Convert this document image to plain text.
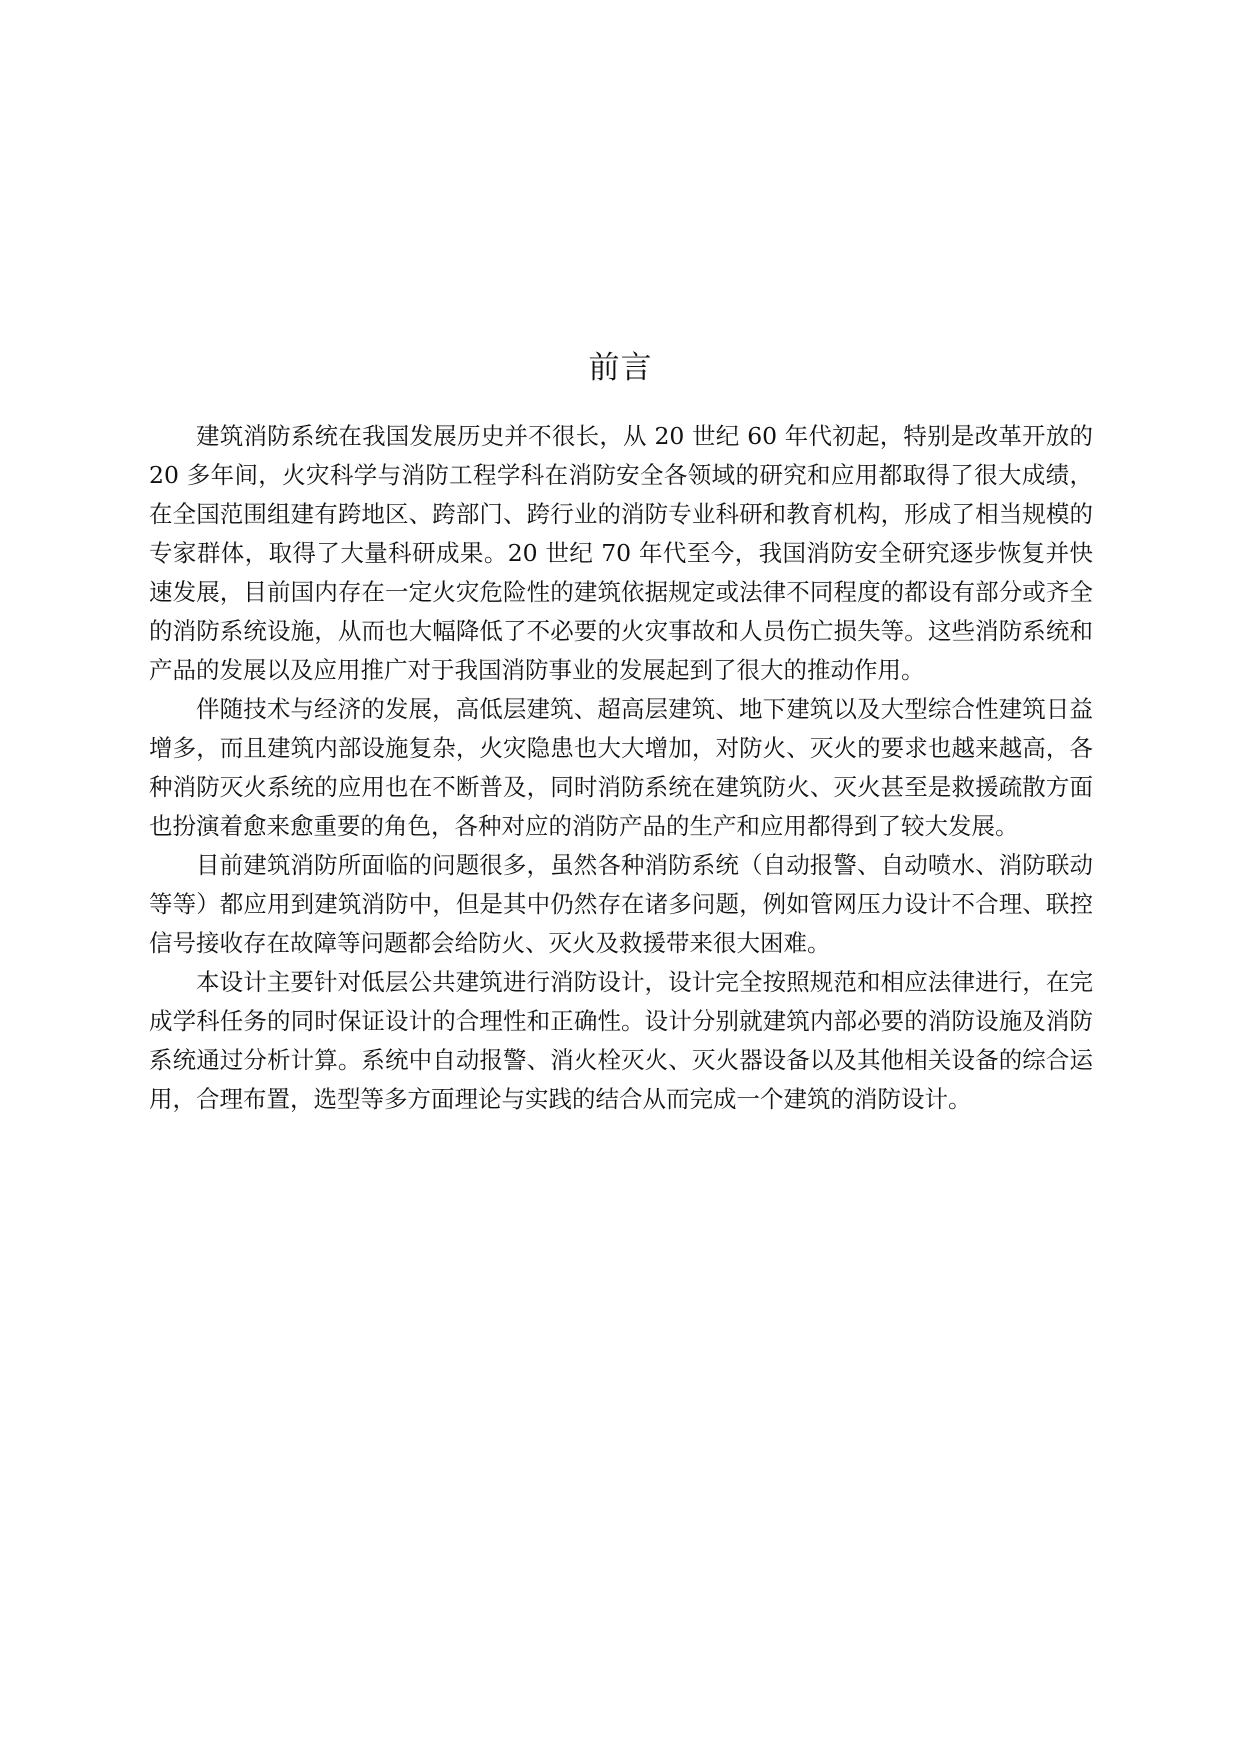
前言

建筑消防系统在我国发展历史并不很长，从 20 世纪 60 年代初起，特别是改革开放的 20 多年间，火灾科学与消防工程学科在消防安全各领域的研究和应用都取得了很大成绩，在全国范围组建有跨地区、跨部门、跨行业的消防专业科研和教育机构，形成了相当规模的专家群体，取得了大量科研成果。20 世纪 70 年代至今，我国消防安全研究逐步恢复并快速发展，目前国内存在一定火灾危险性的建筑依据规定或法律不同程度的都设有部分或齐全的消防系统设施，从而也大幅降低了不必要的火灾事故和人员伤亡损失等。这些消防系统和产品的发展以及应用推广对于我国消防事业的发展起到了很大的推动作用。

伴随技术与经济的发展，高低层建筑、超高层建筑、地下建筑以及大型综合性建筑日益增多，而且建筑内部设施复杂，火灾隐患也大大增加，对防火、灭火的要求也越来越高，各种消防灭火系统的应用也在不断普及，同时消防系统在建筑防火、灭火甚至是救援疏散方面也扮演着愈来愈重要的角色，各种对应的消防产品的生产和应用都得到了较大发展。

目前建筑消防所面临的问题很多，虽然各种消防系统（自动报警、自动喷水、消防联动等等）都应用到建筑消防中，但是其中仍然存在诸多问题，例如管网压力设计不合理、联控信号接收存在故障等问题都会给防火、灭火及救援带来很大困难。

本设计主要针对低层公共建筑进行消防设计，设计完全按照规范和相应法律进行，在完成学科任务的同时保证设计的合理性和正确性。设计分别就建筑内部必要的消防设施及消防系统通过分析计算。系统中自动报警、消火栓灭火、灭火器设备以及其他相关设备的综合运用，合理布置，选型等多方面理论与实践的结合从而完成一个建筑的消防设计。
